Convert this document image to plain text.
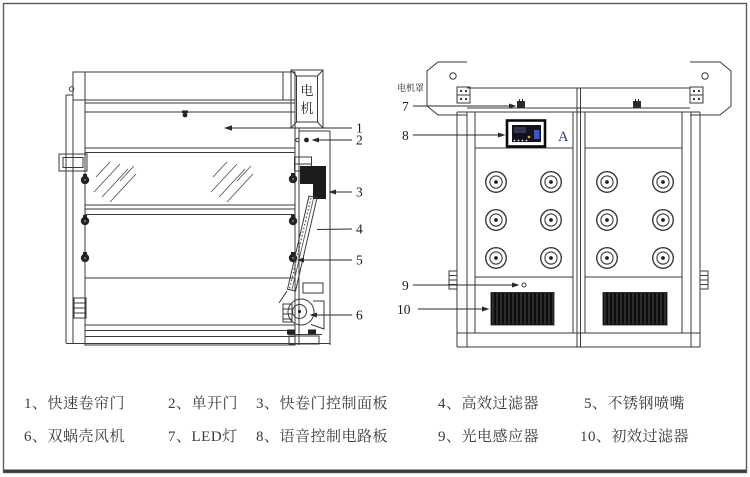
电
机
1
2
3
4
5
6
电机罩
A
7
8
9
10
1、快速卷帘门	2、单开门 3、快卷门控制面板	4、高效过滤器	5、不锈钢喷嘴
6、双蜗壳风机	7、LED灯 8、语音控制电路板	9、光电感应器	10、初效过滤器
